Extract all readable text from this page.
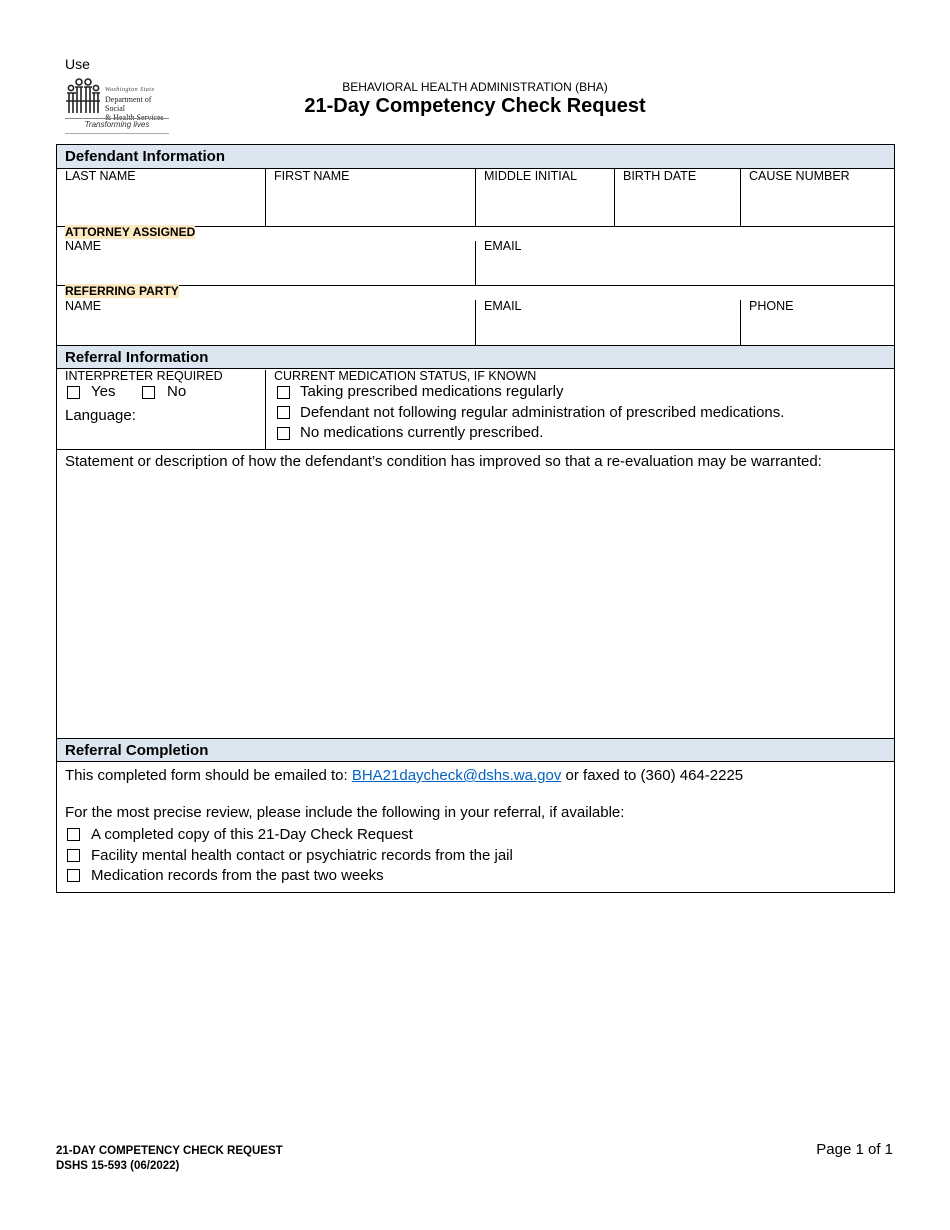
Use
Washington State
Department of Social
& Health Services
Transforming lives
BEHAVIORAL HEALTH ADMINISTRATION (BHA)
21-Day Competency Check Request
Defendant Information
LAST NAME	FIRST NAME	MIDDLE INITIAL	BIRTH DATE	CAUSE NUMBER
ATTORNEY ASSIGNED
NAME	EMAIL
REFERRING PARTY
NAME	EMAIL	PHONE
Referral Information
INTERPRETER REQUIRED
Yes	No
Language:
CURRENT MEDICATION STATUS, IF KNOWN
Taking prescribed medications regularly
Defendant not following regular administration of prescribed medications.
No medications currently prescribed.
Statement or description of how the defendant’s condition has improved so that a re-evaluation may be warranted:
Referral Completion
This completed form should be emailed to: BHA21daycheck@dshs.wa.gov or faxed to (360) 464-2225
For the most precise review, please include the following in your referral, if available:
A completed copy of this 21-Day Check Request
Facility mental health contact or psychiatric records from the jail
Medication records from the past two weeks
21-DAY COMPETENCY CHECK REQUEST
DSHS 15-593 (06/2022)
Page 1 of 1
